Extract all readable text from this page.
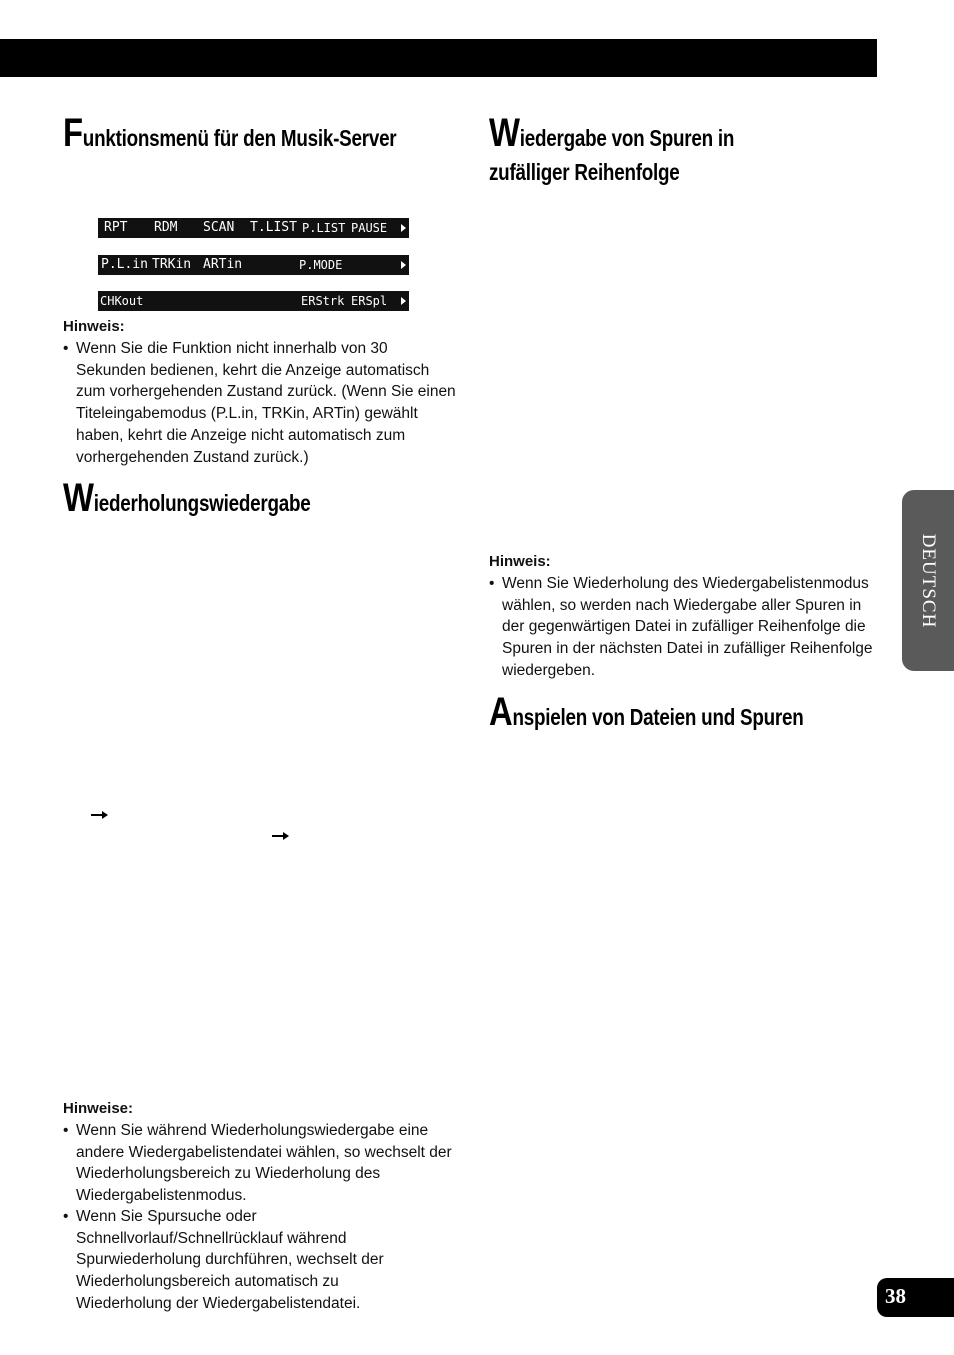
Funktionsmenü für den Musik-Server
RPT RDM SCAN T.LIST P.LIST PAUSE
P.L.in TRKin ARTin	P.MODE
CHKout	ERStrk ERSpl

Hinweis:

• Wenn Sie die Funktion nicht innerhalb von 30 Sekunden bedienen, kehrt die Anzeige automatisch zum vorhergehenden Zustand zurück. (Wenn Sie einen Titeleingabemodus (P.L.in, TRKin, ARTin) gewählt haben, kehrt die Anzeige nicht automatisch zum vorhergehenden Zustand zurück.)

Wiederholungswiedergabe

Hinweise:

• Wenn Sie während Wiederholungswiedergabe eine andere Wiedergabelistendatei wählen, so wechselt der Wiederholungsbereich zu Wiederholung des Wiedergabelistenmodus.

• Wenn Sie Spursuche oder Schnellvorlauf/Schnellrücklauf während Spurwiederholung durchführen, wechselt der Wiederholungsbereich automatisch zu Wiederholung der Wiedergabelistendatei.

Wiedergabe von Spuren in
zufälliger Reihenfolge

Hinweis:

• Wenn Sie Wiederholung des Wiedergabelistenmodus wählen, so werden nach Wiedergabe aller Spuren in der gegenwärtigen Datei in zufälliger Reihenfolge die Spuren in der nächsten Datei in zufälliger Reihenfolge wiedergeben.

Anspielen von Dateien und Spuren
DEUTSCH
38
